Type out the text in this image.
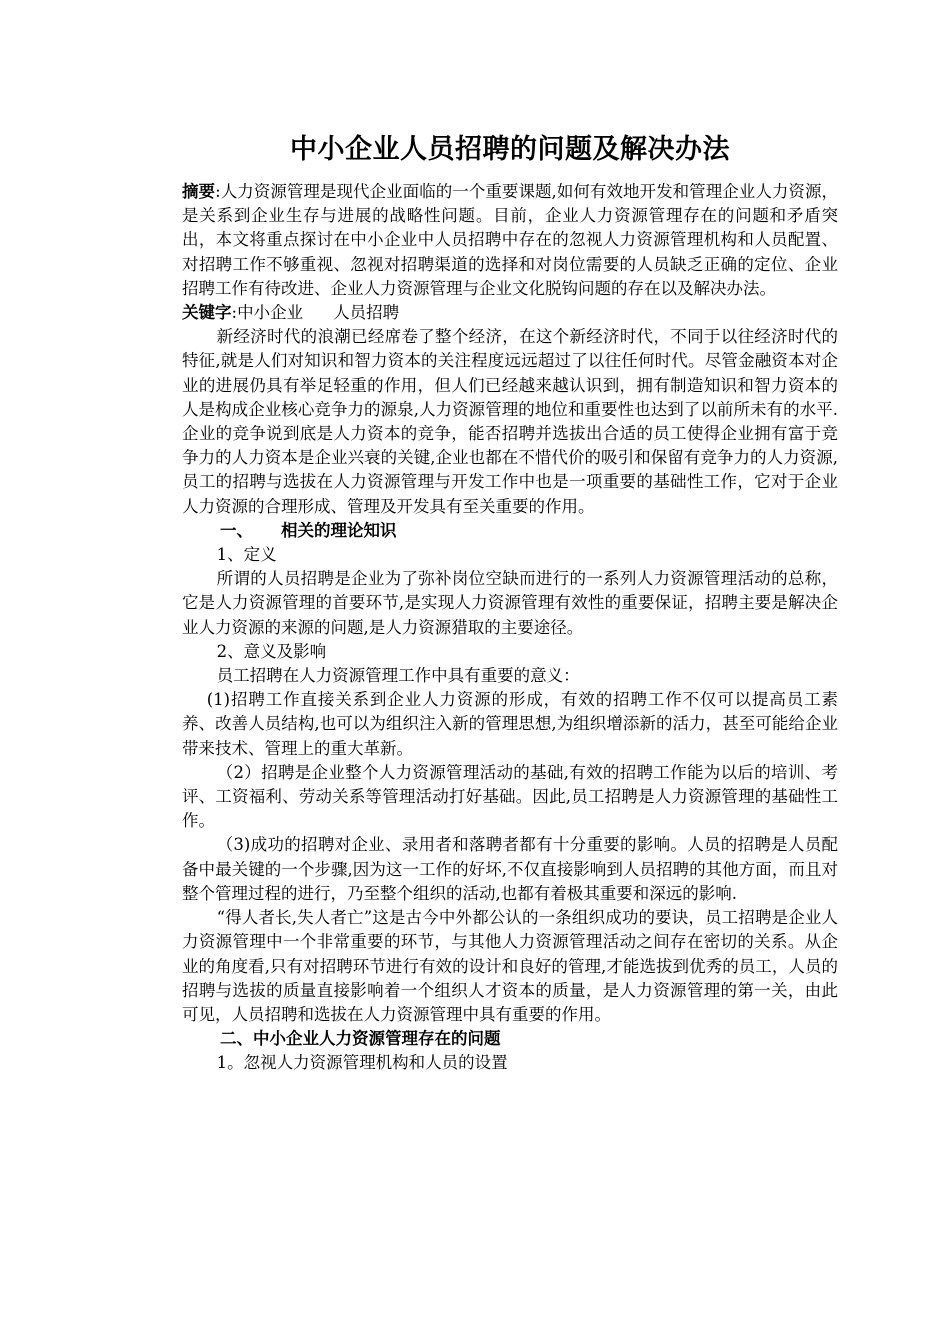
中小企业人员招聘的问题及解决办法

摘要:人力资源管理是现代企业面临的一个重要课题,如何有效地开发和管理企业人力资源，是关系到企业生存与进展的战略性问题。目前，企业人力资源管理存在的问题和矛盾突出，本文将重点探讨在中小企业中人员招聘中存在的忽视人力资源管理机构和人员配置、对招聘工作不够重视、忽视对招聘渠道的选择和对岗位需要的人员缺乏正确的定位、企业招聘工作有待改进、企业人力资源管理与企业文化脱钩问题的存在以及解决办法。

关键字:中小企业 人员招聘

新经济时代的浪潮已经席卷了整个经济，在这个新经济时代，不同于以往经济时代的特征,就是人们对知识和智力资本的关注程度远远超过了以往任何时代。尽管金融资本对企业的进展仍具有举足轻重的作用，但人们已经越来越认识到，拥有制造知识和智力资本的人是构成企业核心竞争力的源泉,人力资源管理的地位和重要性也达到了以前所未有的水平.企业的竞争说到底是人力资本的竞争，能否招聘并选拔出合适的员工使得企业拥有富于竞争力的人力资本是企业兴衰的关键,企业也都在不惜代价的吸引和保留有竞争力的人力资源,员工的招聘与选拔在人力资源管理与开发工作中也是一项重要的基础性工作，它对于企业人力资源的合理形成、管理及开发具有至关重要的作用。

一、 相关的理论知识

1、定义

所谓的人员招聘是企业为了弥补岗位空缺而进行的一系列人力资源管理活动的总称，它是人力资源管理的首要环节,是实现人力资源管理有效性的重要保证，招聘主要是解决企业人力资源的来源的问题,是人力资源猎取的主要途径。

2、意义及影响

员工招聘在人力资源管理工作中具有重要的意义：

(1)招聘工作直接关系到企业人力资源的形成，有效的招聘工作不仅可以提高员工素养、改善人员结构,也可以为组织注入新的管理思想,为组织增添新的活力，甚至可能给企业带来技术、管理上的重大革新。

（2）招聘是企业整个人力资源管理活动的基础,有效的招聘工作能为以后的培训、考评、工资福利、劳动关系等管理活动打好基础。因此,员工招聘是人力资源管理的基础性工作。

（3)成功的招聘对企业、录用者和落聘者都有十分重要的影响。人员的招聘是人员配备中最关键的一个步骤,因为这一工作的好坏,不仅直接影响到人员招聘的其他方面，而且对整个管理过程的进行，乃至整个组织的活动,也都有着极其重要和深远的影响.

“得人者长,失人者亡”这是古今中外都公认的一条组织成功的要诀，员工招聘是企业人力资源管理中一个非常重要的环节，与其他人力资源管理活动之间存在密切的关系。从企业的角度看,只有对招聘环节进行有效的设计和良好的管理,才能选拔到优秀的员工，人员的招聘与选拔的质量直接影响着一个组织人才资本的质量，是人力资源管理的第一关，由此可见，人员招聘和选拔在人力资源管理中具有重要的作用。

二、中小企业人力资源管理存在的问题

1。忽视人力资源管理机构和人员的设置
